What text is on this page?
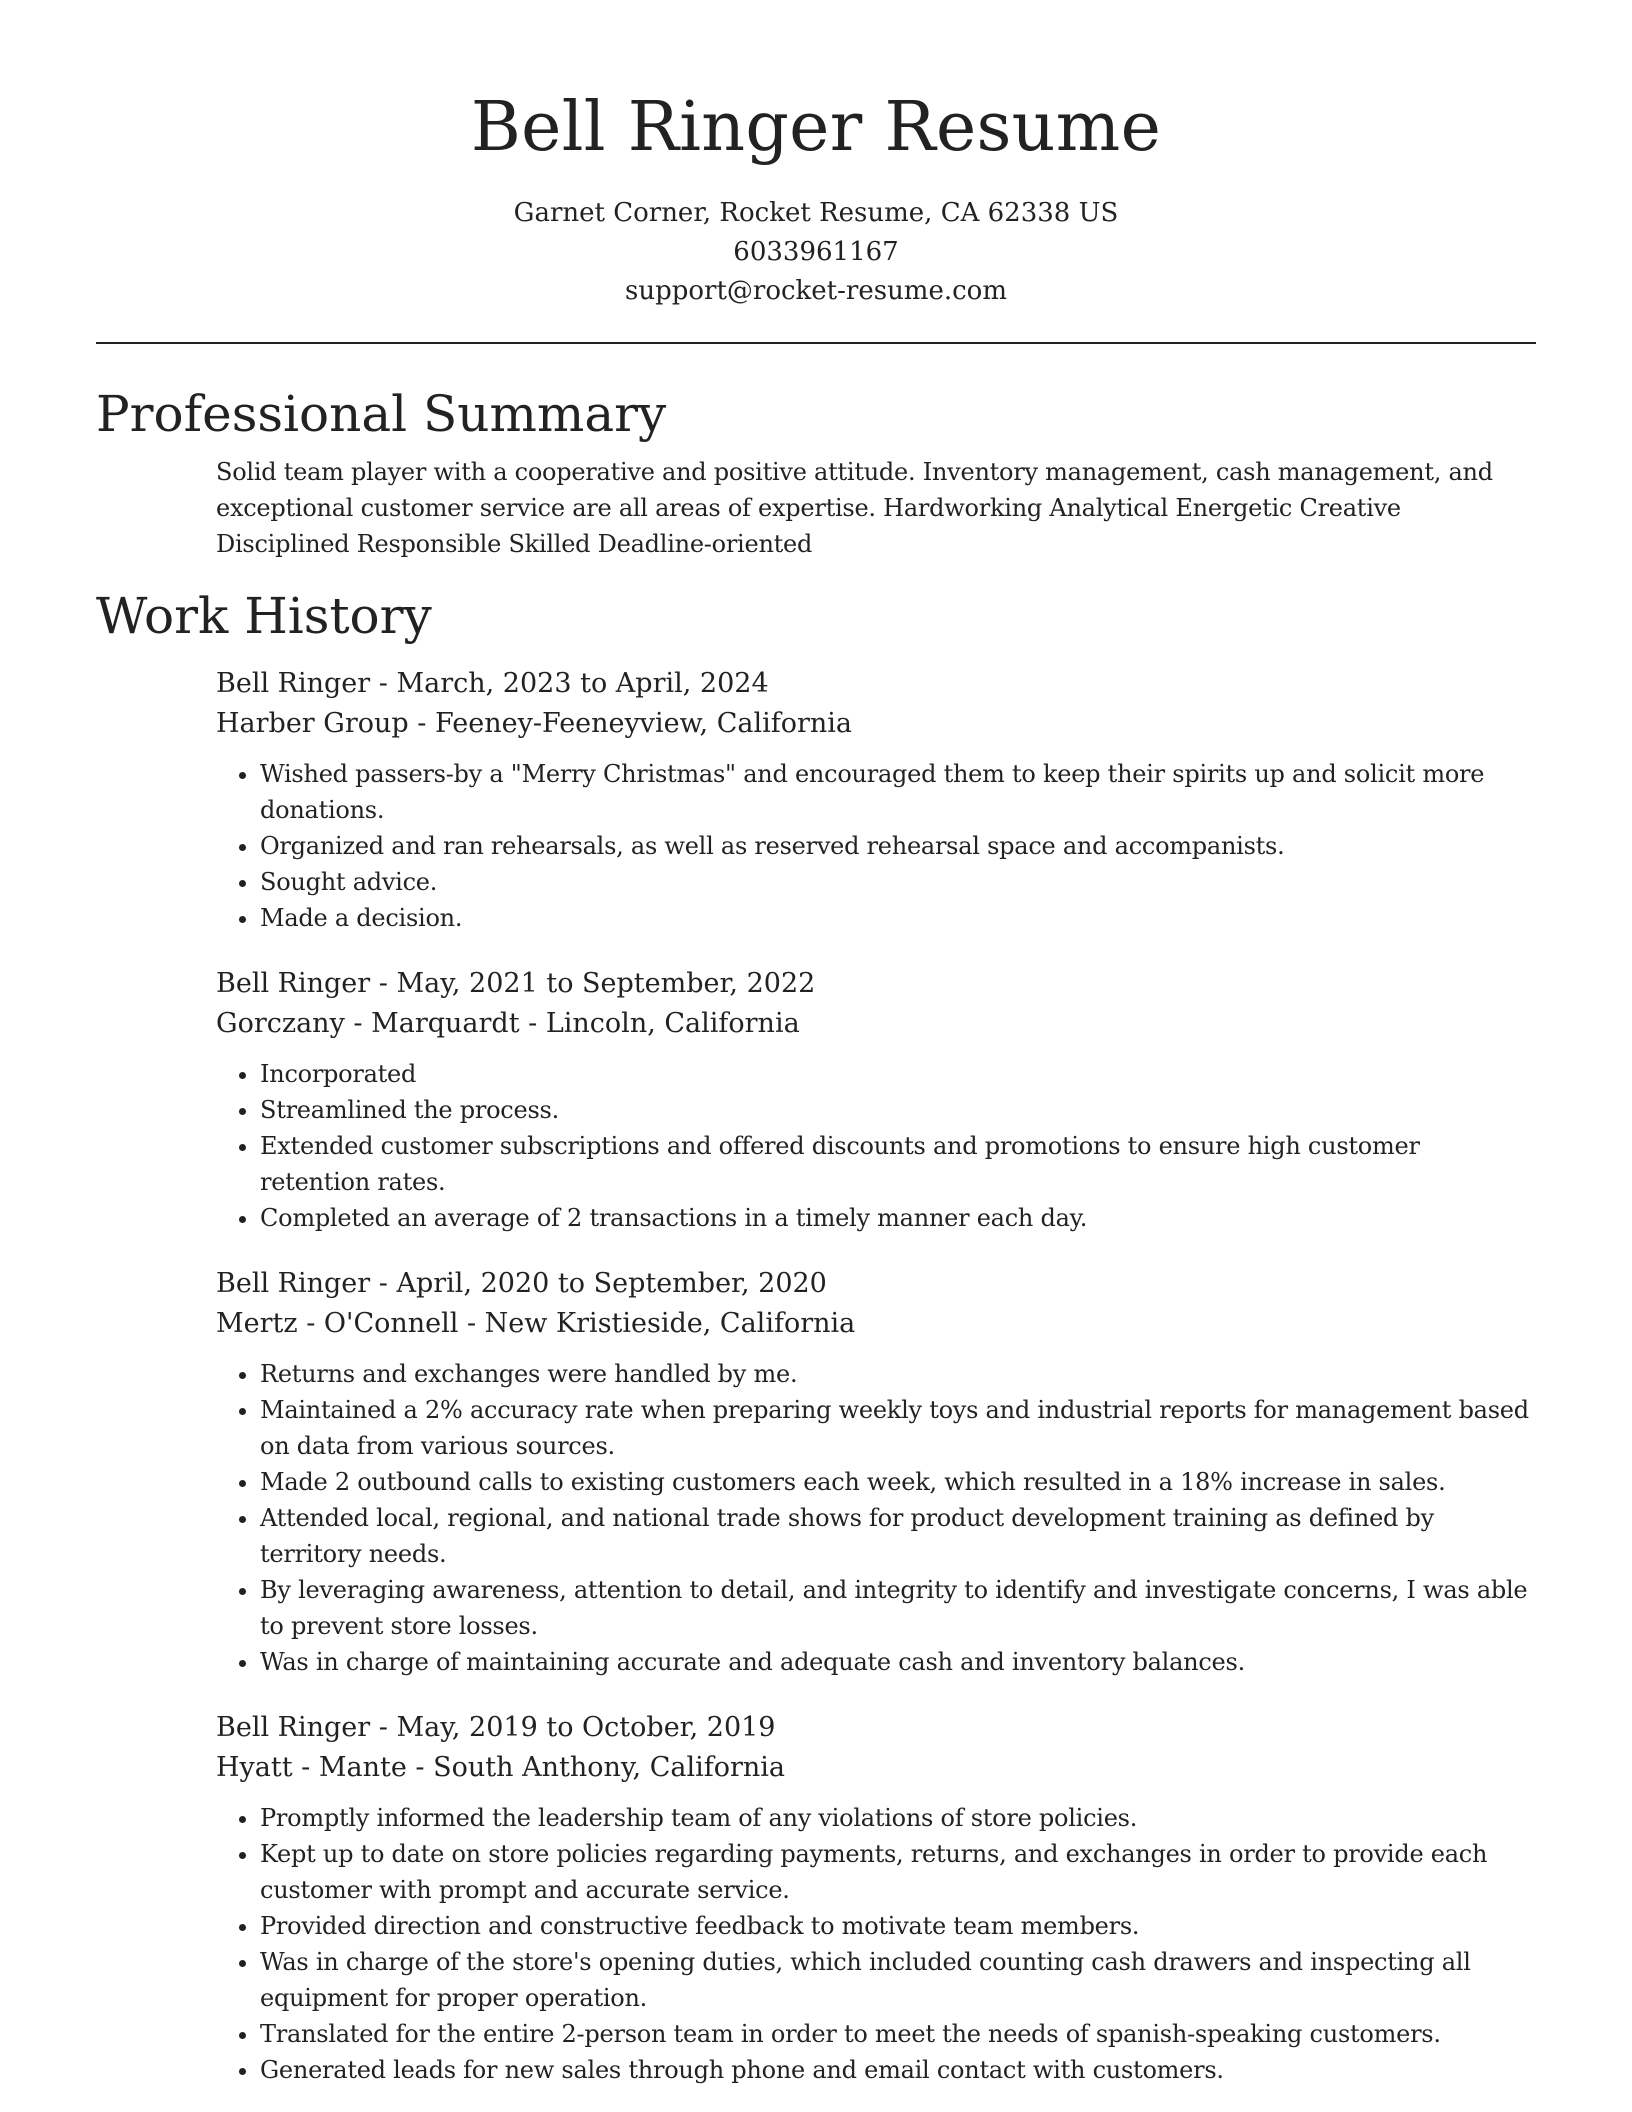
Bell Ringer Resume
Garnet Corner, Rocket Resume, CA 62338 US
6033961167
support@rocket-resume.com
Professional Summary
Solid team player with a cooperative and positive attitude. Inventory management, cash management, and exceptional customer service are all areas of expertise. Hardworking Analytical Energetic Creative Disciplined Responsible Skilled Deadline-oriented
Work History
Bell Ringer - March, 2023 to April, 2024
Harber Group - Feeney-Feeneyview, California
• Wished passers-by a "Merry Christmas" and encouraged them to keep their spirits up and solicit more donations.
• Organized and ran rehearsals, as well as reserved rehearsal space and accompanists.
• Sought advice.
• Made a decision.
Bell Ringer - May, 2021 to September, 2022
Gorczany - Marquardt - Lincoln, California
• Incorporated
• Streamlined the process.
• Extended customer subscriptions and offered discounts and promotions to ensure high customer retention rates.
• Completed an average of 2 transactions in a timely manner each day.
Bell Ringer - April, 2020 to September, 2020
Mertz - O'Connell - New Kristieside, California
• Returns and exchanges were handled by me.
• Maintained a 2% accuracy rate when preparing weekly toys and industrial reports for management based on data from various sources.
• Made 2 outbound calls to existing customers each week, which resulted in a 18% increase in sales.
• Attended local, regional, and national trade shows for product development training as defined by territory needs.
• By leveraging awareness, attention to detail, and integrity to identify and investigate concerns, I was able to prevent store losses.
• Was in charge of maintaining accurate and adequate cash and inventory balances.
Bell Ringer - May, 2019 to October, 2019
Hyatt - Mante - South Anthony, California
• Promptly informed the leadership team of any violations of store policies.
• Kept up to date on store policies regarding payments, returns, and exchanges in order to provide each customer with prompt and accurate service.
• Provided direction and constructive feedback to motivate team members.
• Was in charge of the store's opening duties, which included counting cash drawers and inspecting all equipment for proper operation.
• Translated for the entire 2-person team in order to meet the needs of spanish-speaking customers.
• Generated leads for new sales through phone and email contact with customers.
